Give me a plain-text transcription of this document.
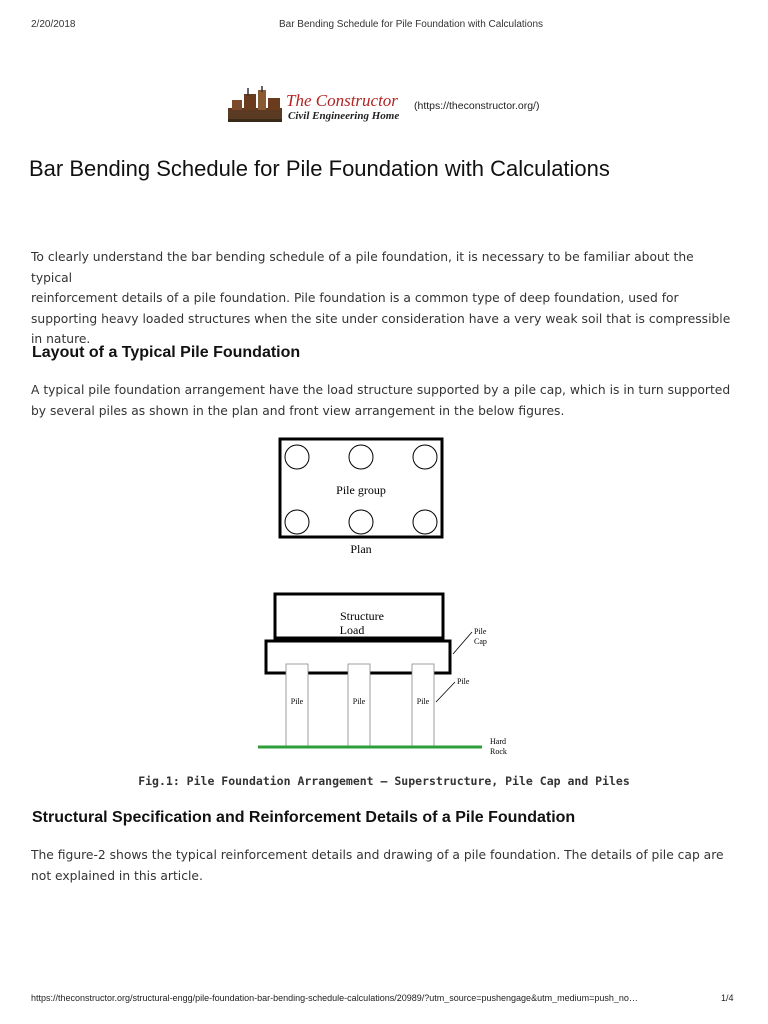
2/20/2018	Bar Bending Schedule for Pile Foundation with Calculations
The Constructor
Civil Engineering Home
(https://theconstructor.org/)
Bar Bending Schedule for Pile Foundation with Calculations
To clearly understand the bar bending schedule of a pile foundation, it is necessary to be familiar about the typical
reinforcement details of a pile foundation. Pile foundation is a common type of deep foundation, used for
supporting heavy loaded structures when the site under consideration have a very weak soil that is compressible
in nature.
Layout of a Typical Pile Foundation
A typical pile foundation arrangement have the load structure supported by a pile cap, which is in turn supported
by several piles as shown in the plan and front view arrangement in the below figures.
Pile group
Plan
Structure
Load
Pile	Pile	Pile
Pile
Cap
Pile
Hard
Rock
Fig.1: Pile Foundation Arrangement – Superstructure, Pile Cap and Piles
Structural Specification and Reinforcement Details of a Pile Foundation
The figure-2 shows the typical reinforcement details and drawing of a pile foundation. The details of pile cap are
not explained in this article.
https://theconstructor.org/structural-engg/pile-foundation-bar-bending-schedule-calculations/20989/?utm_source=pushengage&utm_medium=push_no…	1/4
